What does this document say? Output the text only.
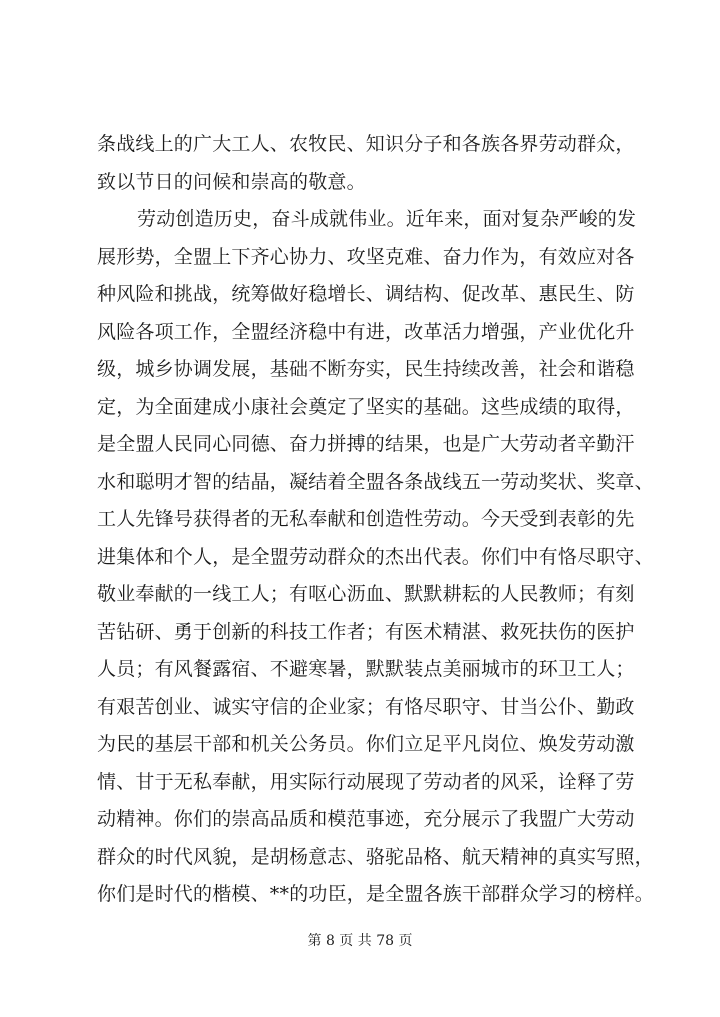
条战线上的广大工人、农牧民、知识分子和各族各界劳动群众，
致以节日的问候和崇高的敬意。
劳动创造历史，奋斗成就伟业。近年来，面对复杂严峻的发
展形势，全盟上下齐心协力、攻坚克难、奋力作为，有效应对各
种风险和挑战，统筹做好稳增长、调结构、促改革、惠民生、防
风险各项工作，全盟经济稳中有进，改革活力增强，产业优化升
级，城乡协调发展，基础不断夯实，民生持续改善，社会和谐稳
定，为全面建成小康社会奠定了坚实的基础。这些成绩的取得，
是全盟人民同心同德、奋力拼搏的结果，也是广大劳动者辛勤汗
水和聪明才智的结晶，凝结着全盟各条战线五一劳动奖状、奖章、
工人先锋号获得者的无私奉献和创造性劳动。今天受到表彰的先
进集体和个人，是全盟劳动群众的杰出代表。你们中有恪尽职守、
敬业奉献的一线工人；有呕心沥血、默默耕耘的人民教师；有刻
苦钻研、勇于创新的科技工作者；有医术精湛、救死扶伤的医护
人员；有风餐露宿、不避寒暑，默默装点美丽城市的环卫工人；
有艰苦创业、诚实守信的企业家；有恪尽职守、甘当公仆、勤政
为民的基层干部和机关公务员。你们立足平凡岗位、焕发劳动激
情、甘于无私奉献，用实际行动展现了劳动者的风采，诠释了劳
动精神。你们的崇高品质和模范事迹，充分展示了我盟广大劳动
群众的时代风貌，是胡杨意志、骆驼品格、航天精神的真实写照，
你们是时代的楷模、**的功臣，是全盟各族干部群众学习的榜样。
第 8 页 共 78 页
